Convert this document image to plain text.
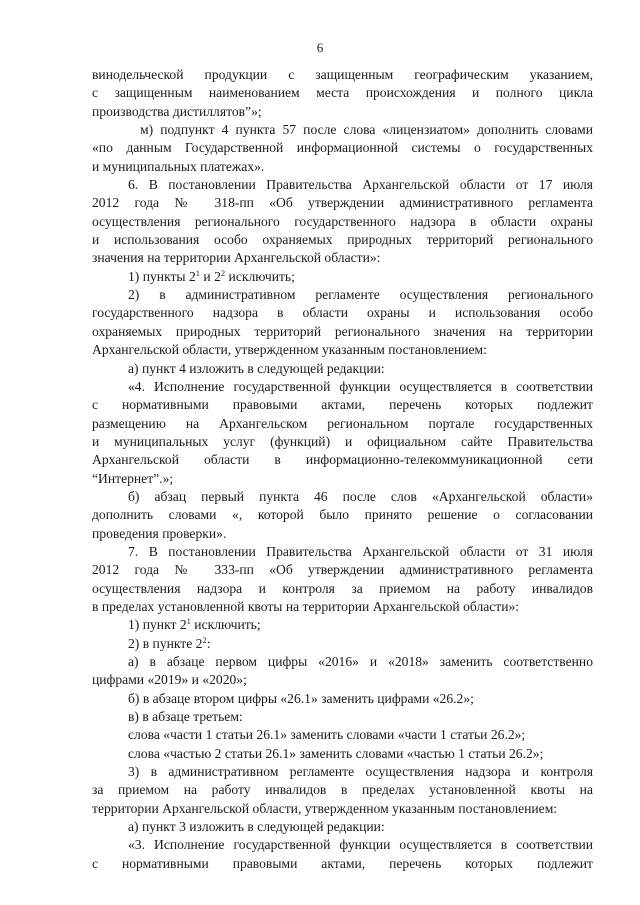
6
винодельческой продукции с защищенным географическим указанием,
с защищенным наименованием места происхождения и полного цикла
производства дистиллятов”»;
м) подпункт 4 пункта 57 после слова «лицензиатом» дополнить словами
«по данным Государственной информационной системы о государственных
и муниципальных платежах».
6. В постановлении Правительства Архангельской области от 17 июля
2012 года № 318-пп «Об утверждении административного регламента
осуществления регионального государственного надзора в области охраны
и использования особо охраняемых природных территорий регионального
значения на территории Архангельской области»:
1) пункты $2^1$ и $2^2$ исключить;
2) в административном регламенте осуществления регионального
государственного надзора в области охраны и использования особо
охраняемых природных территорий регионального значения на территории
Архангельской области, утвержденном указанным постановлением:
а) пункт 4 изложить в следующей редакции:
«4. Исполнение государственной функции осуществляется в соответствии
с нормативными правовыми актами, перечень которых подлежит
размещению на Архангельском региональном портале государственных
и муниципальных услуг (функций) и официальном сайте Правительства
Архангельской области в информационно-телекоммуникационной сети
“Интернет”.»;
б) абзац первый пункта 46 после слов «Архангельской области»
дополнить словами «, которой было принято решение о согласовании
проведения проверки».
7. В постановлении Правительства Архангельской области от 31 июля
2012 года № 333-пп «Об утверждении административного регламента
осуществления надзора и контроля за приемом на работу инвалидов
в пределах установленной квоты на территории Архангельской области»:
1) пункт $2^1$ исключить;
2) в пункте $2^2$:
а) в абзаце первом цифры «2016» и «2018» заменить соответственно
цифрами «2019» и «2020»;
б) в абзаце втором цифры «26.1» заменить цифрами «26.2»;
в) в абзаце третьем:
слова «части 1 статьи 26.1» заменить словами «части 1 статьи 26.2»;
слова «частью 2 статьи 26.1» заменить словами «частью 1 статьи 26.2»;
3) в административном регламенте осуществления надзора и контроля
за приемом на работу инвалидов в пределах установленной квоты на
территории Архангельской области, утвержденном указанным постановлением:
а) пункт 3 изложить в следующей редакции:
«3. Исполнение государственной функции осуществляется в соответствии
с нормативными правовыми актами, перечень которых подлежит
